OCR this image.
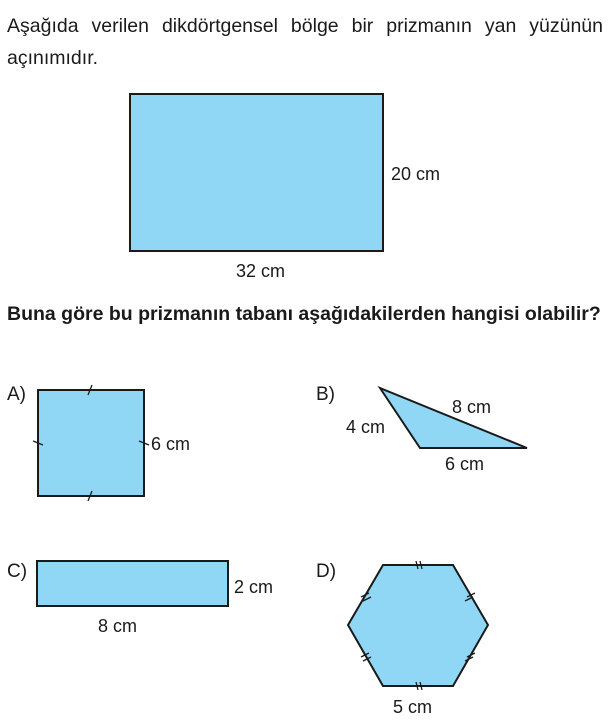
Aşağıda verilen dikdörtgensel bölge bir prizmanın yan yüzünün açınımıdır.

20 cm
32 cm

Buna göre bu prizmanın tabanı aşağıdakilerden hangisi olabilir?

A)
6 cm
B)
4 cm
8 cm
6 cm
C)
2 cm
8 cm
D)
5 cm
